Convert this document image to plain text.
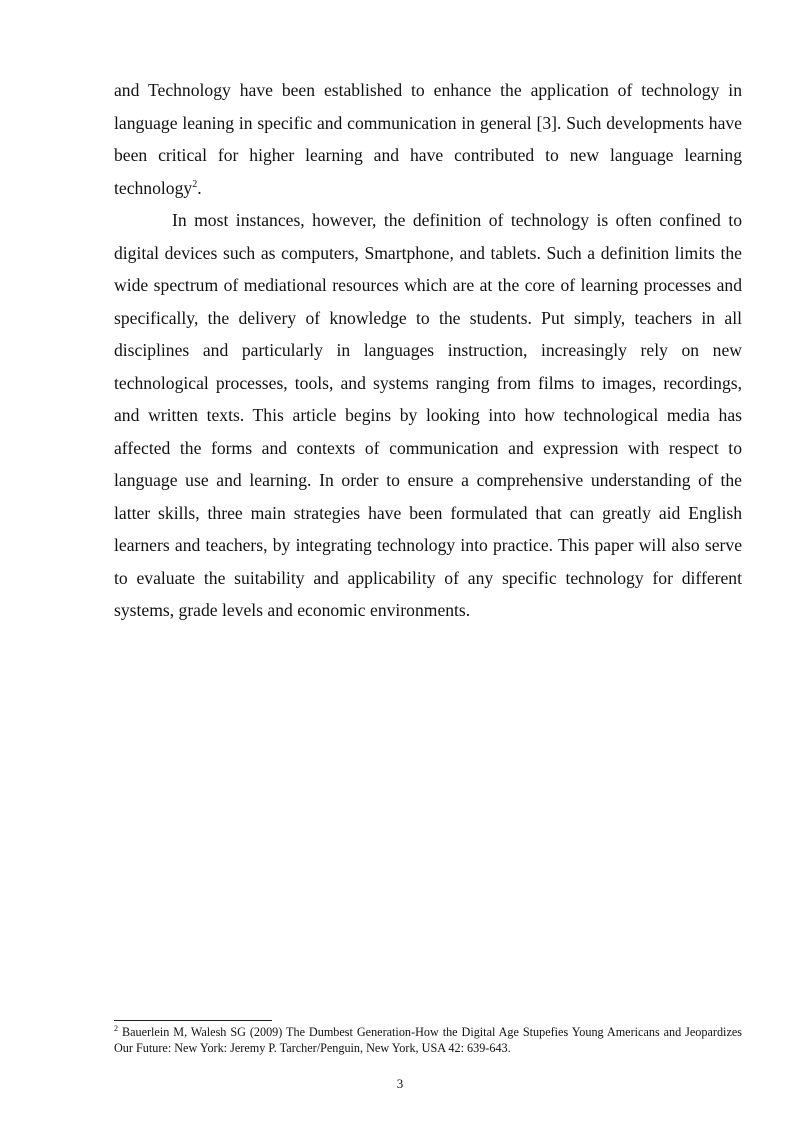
and Technology have been established to enhance the application of technology in language leaning in specific and communication in general [3]. Such developments have been critical for higher learning and have contributed to new language learning technology$^2$.

In most instances, however, the definition of technology is often confined to digital devices such as computers, Smartphone, and tablets. Such a definition limits the wide spectrum of mediational resources which are at the core of learning processes and specifically, the delivery of knowledge to the students. Put simply, teachers in all disciplines and particularly in languages instruction, increasingly rely on new technological processes, tools, and systems ranging from films to images, recordings, and written texts. This article begins by looking into how technological media has affected the forms and contexts of communication and expression with respect to language use and learning. In order to ensure a comprehensive understanding of the latter skills, three main strategies have been formulated that can greatly aid English learners and teachers, by integrating technology into practice. This paper will also serve to evaluate the suitability and applicability of any specific technology for different systems, grade levels and economic environments.

$^2$ Bauerlein M, Walesh SG (2009) The Dumbest Generation-How the Digital Age Stupefies Young Americans and Jeopardizes Our Future: New York: Jeremy P. Tarcher/Penguin, New York, USA 42: 639-643.
3
